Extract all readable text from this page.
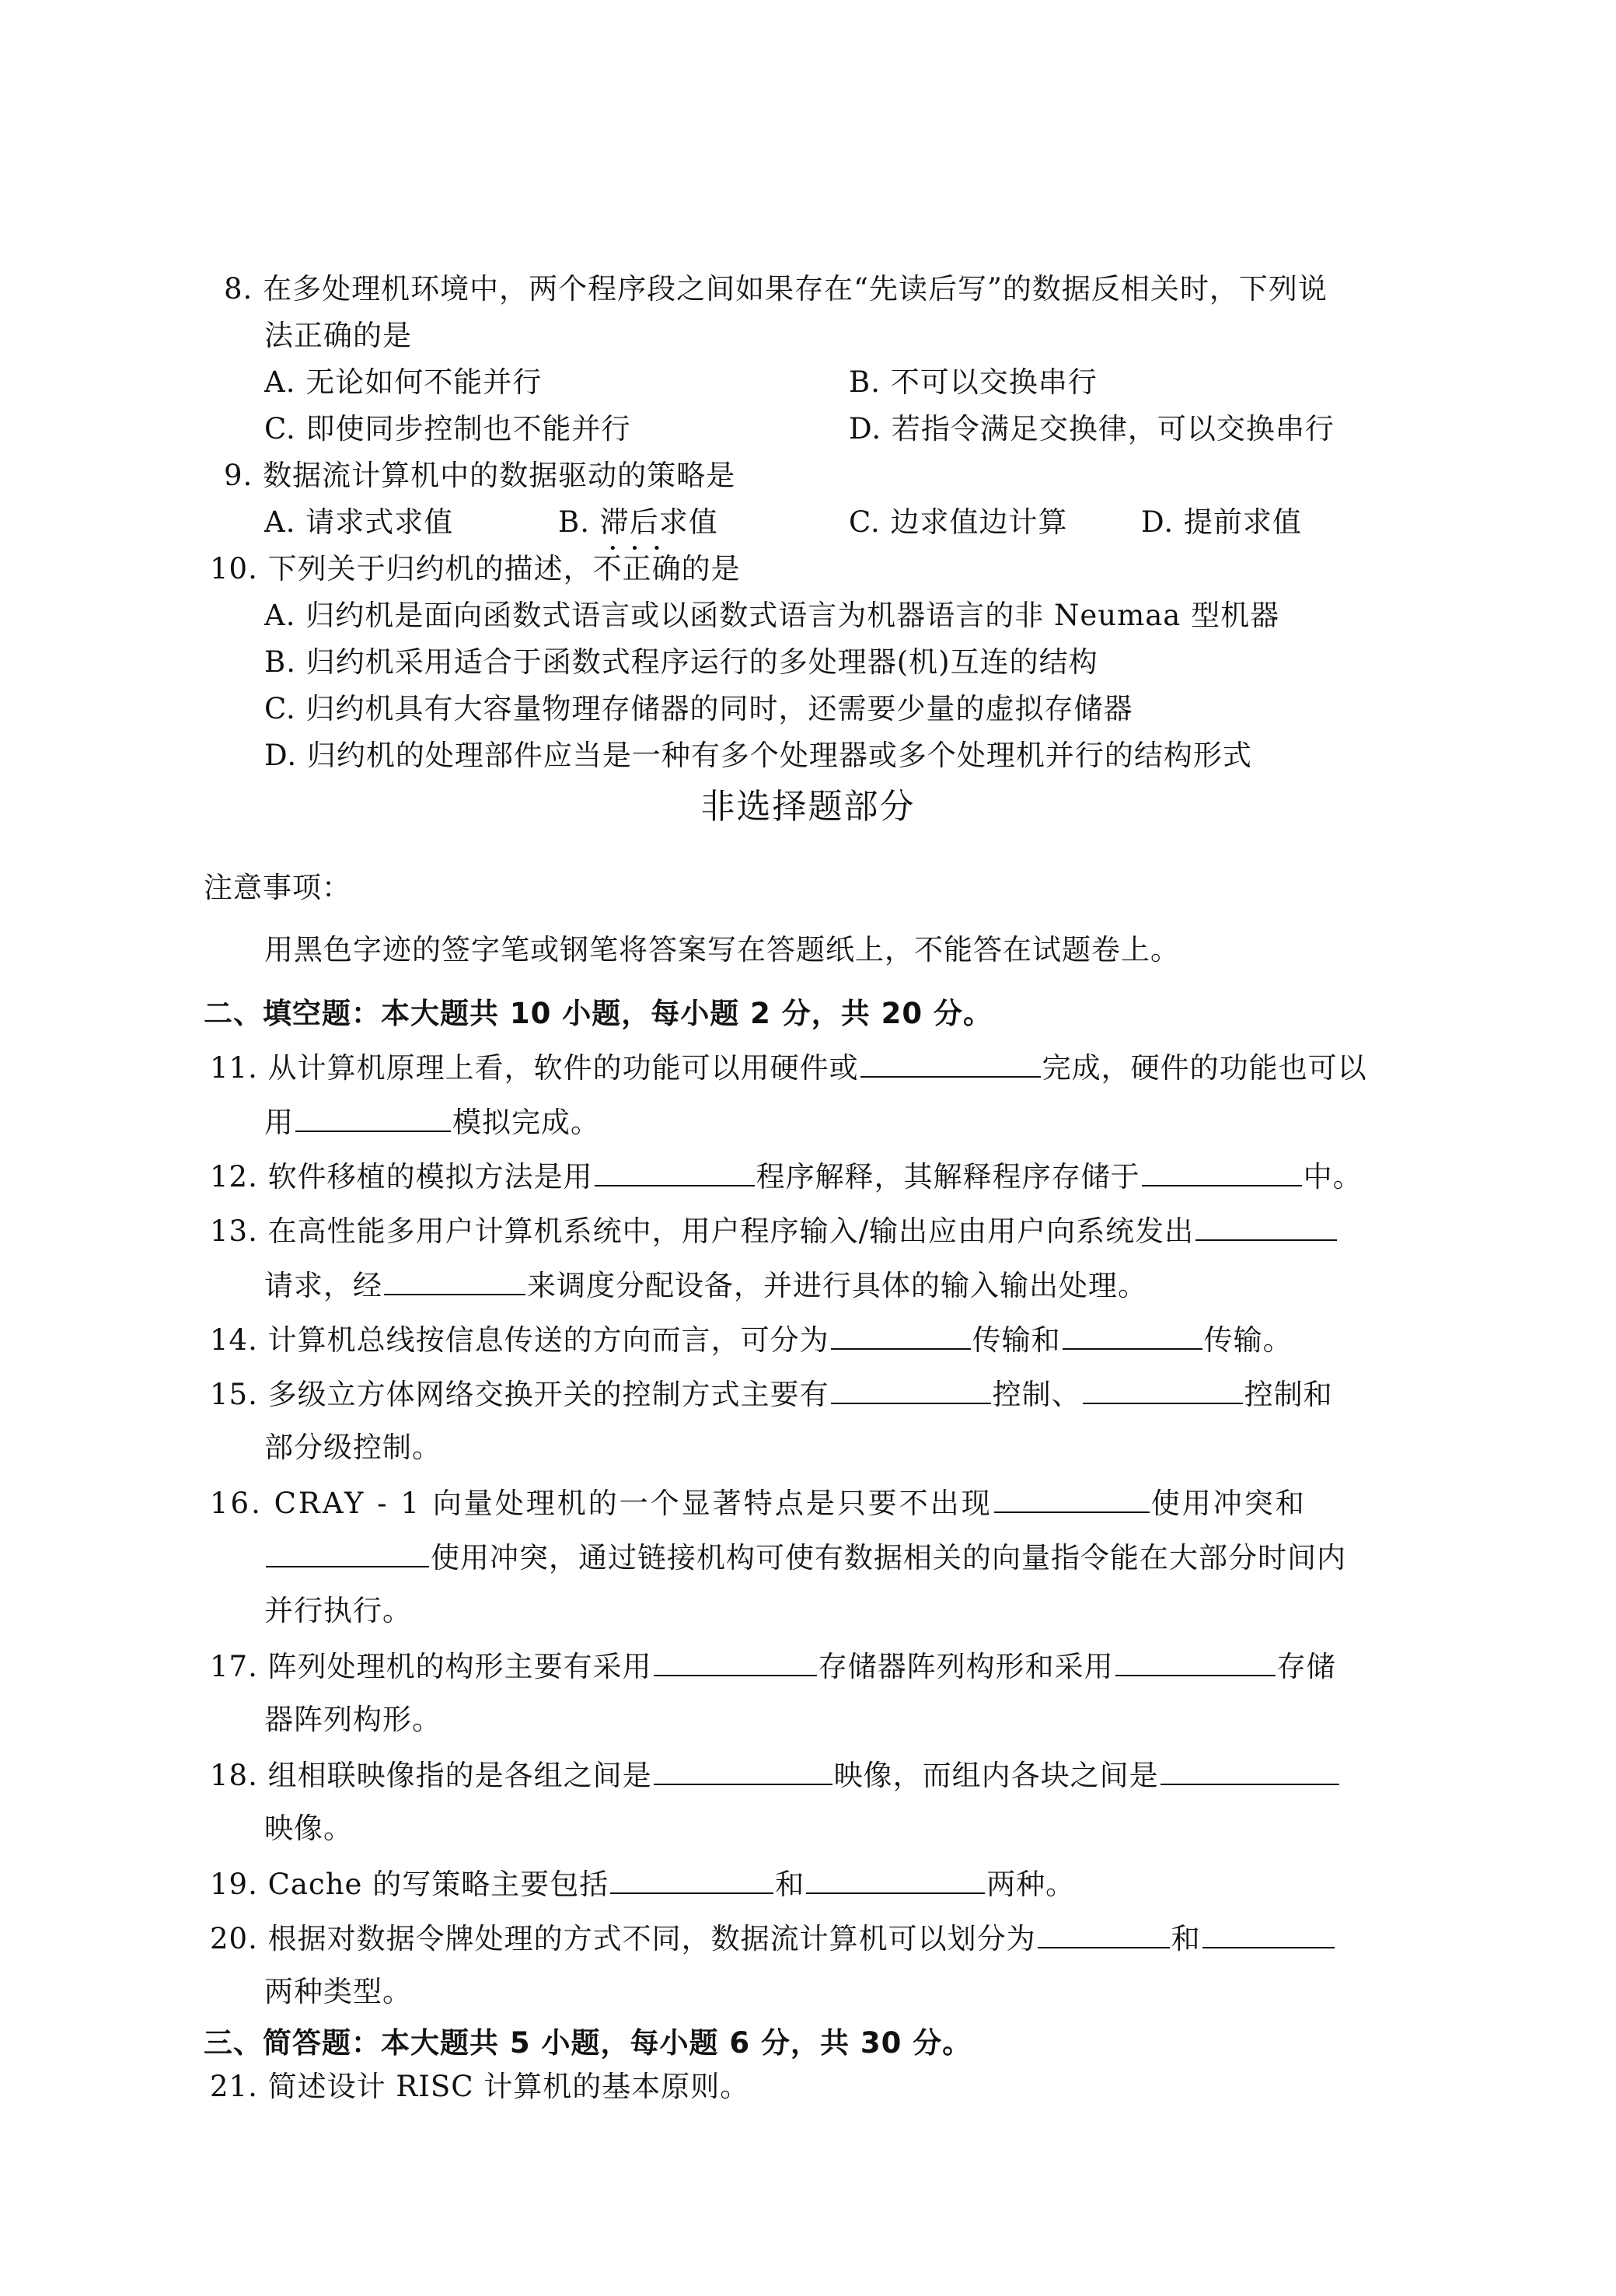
8. 在多处理机环境中，两个程序段之间如果存在“先读后写”的数据反相关时，下列说
法正确的是
A. 无论如何不能并行	B. 不可以交换串行
C. 即使同步控制也不能并行	D. 若指令满足交换律，可以交换串行
9. 数据流计算机中的数据驱动的策略是
A. 请求式求值	B. 滞后求值	C. 边求值边计算	D. 提前求值
10. 下列关于归约机的描述，不正确 • • •的是
A. 归约机是面向函数式语言或以函数式语言为机器语言的非 Neumaa 型机器
B. 归约机采用适合于函数式程序运行的多处理器(机)互连的结构
C. 归约机具有大容量物理存储器的同时，还需要少量的虚拟存储器
D. 归约机的处理部件应当是一种有多个处理器或多个处理机并行的结构形式
非选择题部分
注意事项：
用黑色字迹的签字笔或钢笔将答案写在答题纸上，不能答在试题卷上。
二、填空题：本大题共 10 小题，每小题 2 分，共 20 分。
11. 从计算机原理上看，软件的功能可以用硬件或	完成，硬件的功能也可以
用	模拟完成。
12. 软件移植的模拟方法是用	程序解释，其解释程序存储于	中。
13. 在高性能多用户计算机系统中，用户程序输入/输出应由用户向系统发出
请求，经	来调度分配设备，并进行具体的输入输出处理。
14. 计算机总线按信息传送的方向而言，可分为	传输和	传输。
15. 多级立方体网络交换开关的控制方式主要有	控制、	控制和
部分级控制。
16. CRAY - 1 向量处理机的一个显著特点是只要不出现	使用冲突和
使用冲突，通过链接机构可使有数据相关的向量指令能在大部分时间内
并行执行。
17. 阵列处理机的构形主要有采用	存储器阵列构形和采用	存储
器阵列构形。
18. 组相联映像指的是各组之间是	映像，而组内各块之间是
映像。
19. Cache 的写策略主要包括	和	两种。
20. 根据对数据令牌处理的方式不同，数据流计算机可以划分为	和
两种类型。
三、简答题：本大题共 5 小题，每小题 6 分，共 30 分。
21. 简述设计 RISC 计算机的基本原则。
